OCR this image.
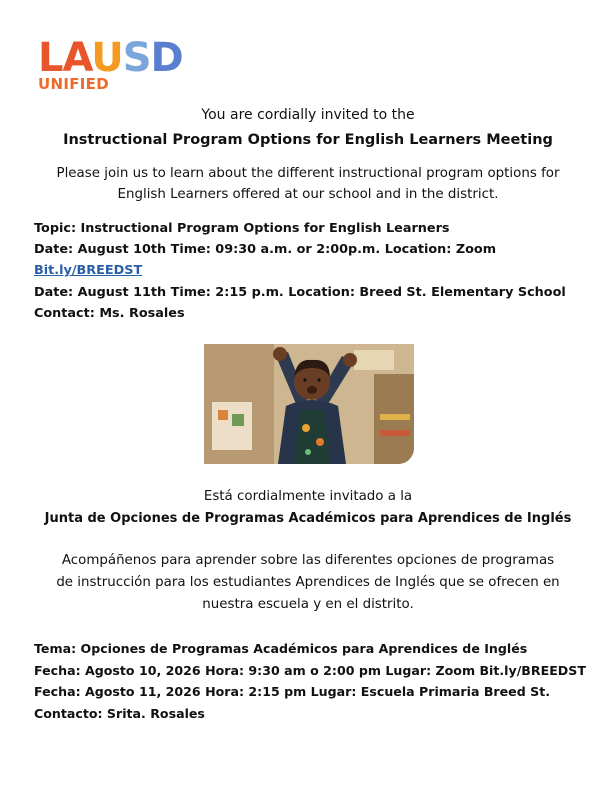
LAUSD
UNIFIED
You are cordially invited to the
Instructional Program Options for English Learners Meeting
Please join us to learn about the different instructional program options for
English Learners offered at our school and in the district.
Topic: Instructional Program Options for English Learners
Date: August 10th Time: 09:30 a.m. or 2:00p.m. Location: Zoom
Bit.ly/BREEDST
Date: August 11th Time: 2:15 p.m. Location: Breed St. Elementary School
Contact: Ms. Rosales
Está cordialmente invitado a la
Junta de Opciones de Programas Académicos para Aprendices de Inglés
Acompáñenos para aprender sobre las diferentes opciones de programas
de instrucción para los estudiantes Aprendices de Inglés que se ofrecen en
nuestra escuela y en el distrito.
Tema: Opciones de Programas Académicos para Aprendices de Inglés
Fecha: Agosto 10, 2026 Hora: 9:30 am o 2:00 pm Lugar: Zoom Bit.ly/BREEDST
Fecha: Agosto 11, 2026 Hora: 2:15 pm Lugar: Escuela Primaria Breed St.
Contacto: Srita. Rosales
